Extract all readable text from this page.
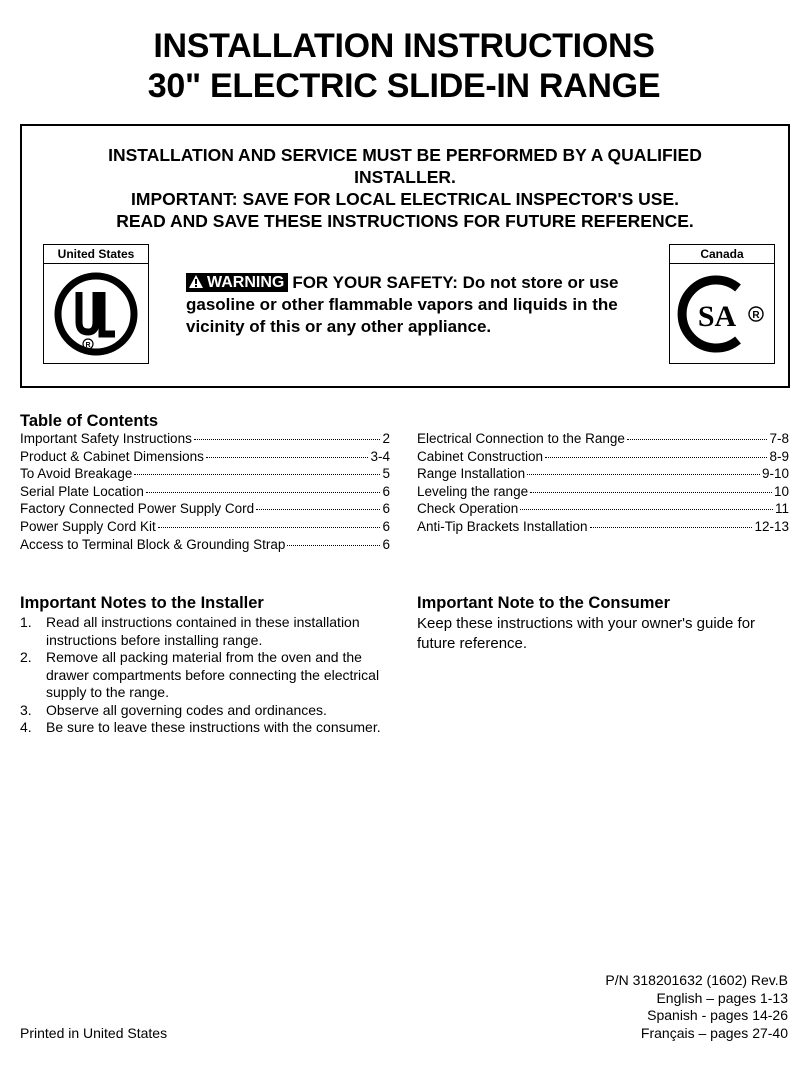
INSTALLATION INSTRUCTIONS
30" ELECTRIC SLIDE-IN RANGE
INSTALLATION AND SERVICE MUST BE PERFORMED BY A QUALIFIED
INSTALLER.
IMPORTANT: SAVE FOR LOCAL ELECTRICAL INSPECTOR'S USE.
READ AND SAVE THESE INSTRUCTIONS FOR FUTURE REFERENCE.
United States
R
Canada
SA R
WARNING FOR YOUR SAFETY: Do not store or use gasoline or other flammable vapors and liquids in the vicinity of this or any other appliance.
Table of Contents
Important Safety Instructions	2
Product & Cabinet Dimensions	3-4
To Avoid Breakage	5
Serial Plate Location	6
Factory Connected Power Supply Cord	6
Power Supply Cord Kit	6
Access to Terminal Block & Grounding Strap	6
Electrical Connection to the Range	7-8
Cabinet Construction	8-9
Range Installation	9-10
Leveling the range	10
Check Operation	11
Anti-Tip Brackets Installation	12-13
Important Notes to the Installer
1.	Read all instructions contained in these installation instructions before installing range.
2.	Remove all packing material from the oven and the drawer compartments before connecting the electrical supply to the range.
3.	Observe all governing codes and ordinances.
4.	Be sure to leave these instructions with the consumer.
Important Note to the Consumer
Keep these instructions with your owner's guide for future reference.
Printed in United States
P/N 318201632 (1602) Rev.B
English – pages 1-13
Spanish - pages 14-26
Français – pages 27-40
